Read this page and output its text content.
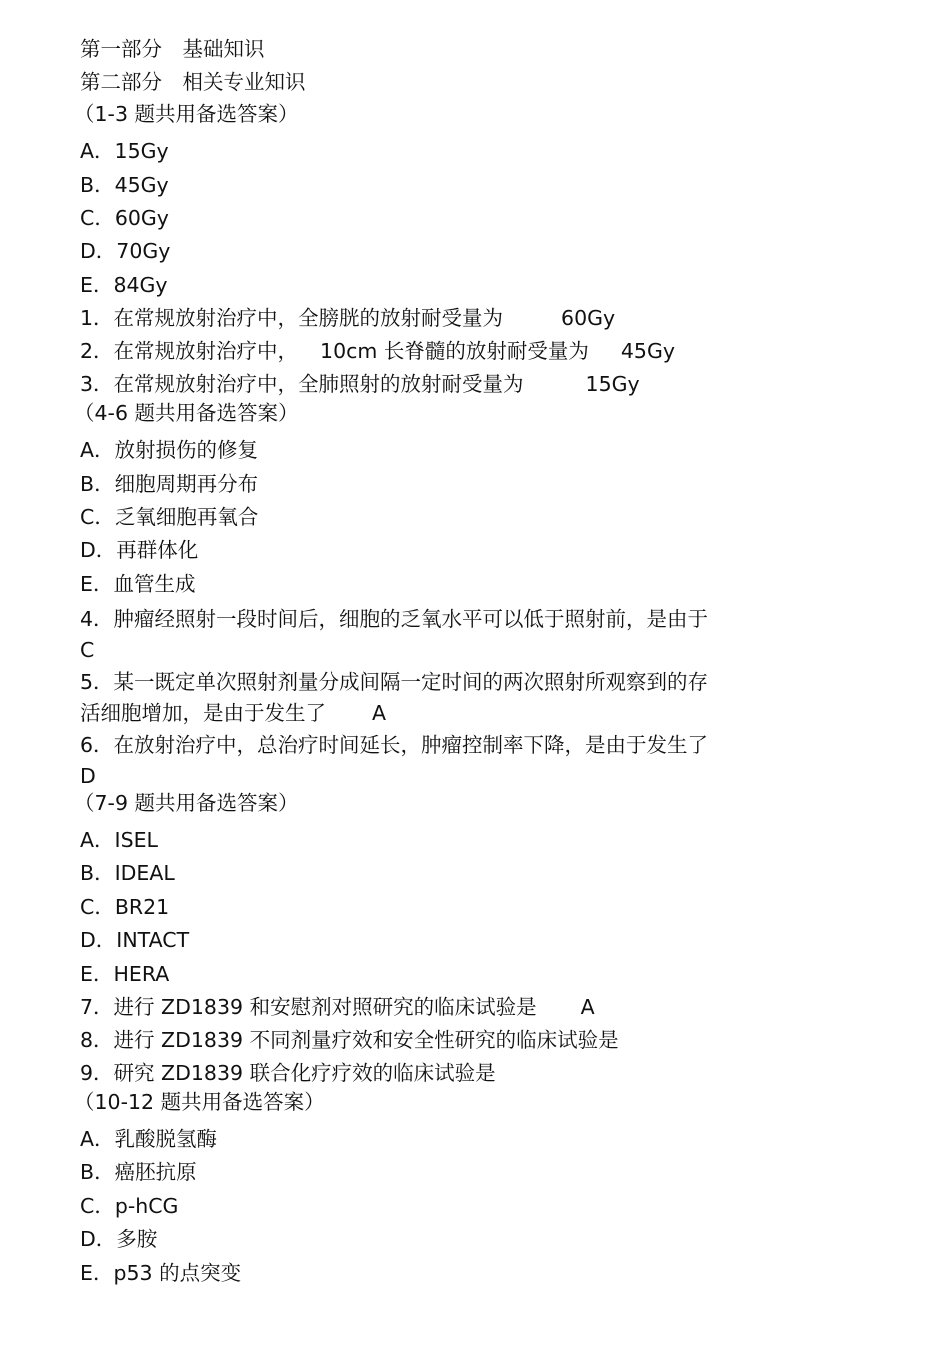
第一部分　基础知识
第二部分　相关专业知识
（1-3 题共用备选答案）
A．15Gy
B．45Gy
C．60Gy
D．70Gy
E．84Gy
1．在常规放射治疗中，全膀胱的放射耐受量为	60Gy
2．在常规放射治疗中， 10cm 长脊髓的放射耐受量为 45Gy
3．在常规放射治疗中，全肺照射的放射耐受量为	15Gy
（4-6 题共用备选答案）
A．放射损伤的修复
B．细胞周期再分布
C．乏氧细胞再氧合
D．再群体化
E．血管生成
4．肿瘤经照射一段时间后，细胞的乏氧水平可以低于照射前，是由于
C
5．某一既定单次照射剂量分成间隔一定时间的两次照射所观察到的存
活细胞增加，是由于发生了 A
6．在放射治疗中，总治疗时间延长，肿瘤控制率下降，是由于发生了
D
（7-9 题共用备选答案）
A．ISEL
B．IDEAL
C．BR21
D．INTACT
E．HERA
7．进行 ZD1839 和安慰剂对照研究的临床试验是 A
8．进行 ZD1839 不同剂量疗效和安全性研究的临床试验是
9．研究 ZD1839 联合化疗疗效的临床试验是
（10-12 题共用备选答案）
A．乳酸脱氢酶
B．癌胚抗原
C．p-hCG
D．多胺
E．p53 的点突变
